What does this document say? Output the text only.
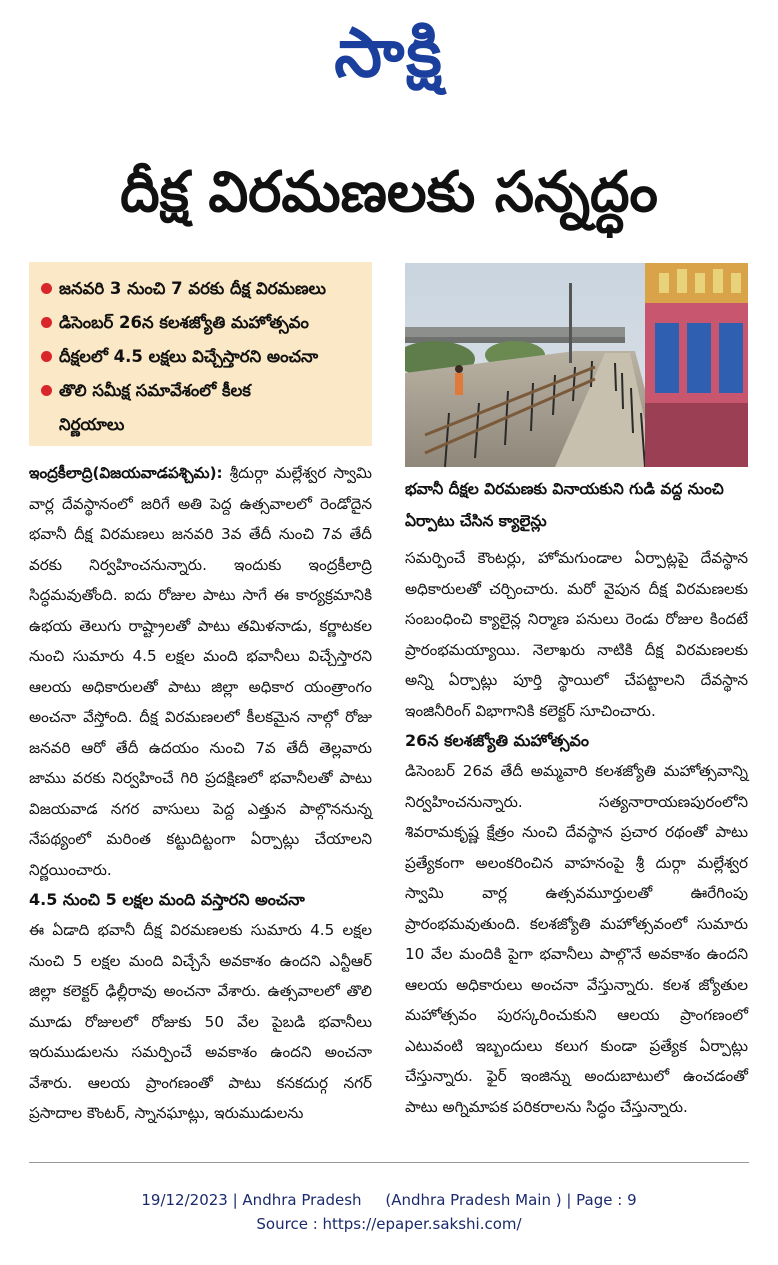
సాక్షి
దీక్ష విరమణలకు సన్నద్ధం
జనవరి 3 నుంచి 7 వరకు దీక్ష విరమణలు
డిసెంబర్ 26న కలశజ్యోతి మహోత్సవం
దీక్షలలో 4.5 లక్షలు విచ్చేస్తారని అంచనా
తొలి సమీక్ష సమావేశంలో కీలక నిర్ణయాలు
భవానీ దీక్షల విరమణకు వినాయకుని గుడి వద్ద నుంచి ఏర్పాటు చేసిన క్యాలైన్లు

ఇంద్రకీలాద్రి(విజయవాడపశ్చిమ): శ్రీదుర్గా మల్లేశ్వర స్వామి వార్ల దేవస్థానంలో జరిగే అతి పెద్ద ఉత్సవాలలో రెండోదైన భవానీ దీక్ష విరమణలు జనవరి 3వ తేదీ నుంచి 7వ తేదీ వరకు నిర్వహించనున్నారు. ఇందుకు ఇంద్రకీలాద్రి సిద్ధమవుతోంది. ఐదు రోజుల పాటు సాగే ఈ కార్యక్రమానికి ఉభయ తెలుగు రాష్ట్రాలతో పాటు తమిళనాడు, కర్ణాటకల నుంచి సుమారు 4.5 లక్షల మంది భవానీలు విచ్చేస్తారని ఆలయ అధికారులతో పాటు జిల్లా అధికార యంత్రాంగం అంచనా వేస్తోంది. దీక్ష విరమణలలో కీలకమైన నాల్గో రోజు జనవరి ఆరో తేదీ ఉదయం నుంచి 7వ తేదీ తెల్లవారు జాము వరకు నిర్వహించే గిరి ప్రదక్షిణలో భవానీలతో పాటు విజయవాడ నగర వాసులు పెద్ద ఎత్తున పాల్గొననున్న నేపథ్యంలో మరింత కట్టుదిట్టంగా ఏర్పాట్లు చేయాలని నిర్ణయించారు.

4.5 నుంచి 5 లక్షల మంది వస్తారని అంచనా

ఈ ఏడాది భవానీ దీక్ష విరమణలకు సుమారు 4.5 లక్షల నుంచి 5 లక్షల మంది విచ్చేసే అవకాశం ఉందని ఎన్టీఆర్ జిల్లా కలెక్టర్ ఢిల్లీరావు అంచనా వేశారు. ఉత్సవాలలో తొలి మూడు రోజులలో రోజుకు 50 వేల పైబడి భవానీలు ఇరుముడులను సమర్పించే అవకాశం ఉందని అంచనా వేశారు. ఆలయ ప్రాంగణంతో పాటు కనకదుర్గ నగర్ ప్రసాదాల కౌంటర్, స్నానఘాట్లు, ఇరుముడులను

సమర్పించే కౌంటర్లు, హోమగుండాల ఏర్పాట్లపై దేవస్థాన అధికారులతో చర్చించారు. మరో వైపున దీక్ష విరమణలకు సంబంధించి క్యాలైన్ల నిర్మాణ పనులు రెండు రోజుల కిందటే ప్రారంభమయ్యాయి. నెలాఖరు నాటికి దీక్ష విరమణలకు అన్ని ఏర్పాట్లు పూర్తి స్థాయిలో చేపట్టాలని దేవస్థాన ఇంజినీరింగ్ విభాగానికి కలెక్టర్ సూచించారు.

26న కలశజ్యోతి మహోత్సవం

డిసెంబర్ 26వ తేదీ అమ్మవారి కలశజ్యోతి మహోత్సవాన్ని నిర్వహించనున్నారు. సత్యనారాయణపురంలోని శివరామకృష్ణ క్షేత్రం నుంచి దేవస్థాన ప్రచార రథంతో పాటు ప్రత్యేకంగా అలంకరించిన వాహనంపై శ్రీ దుర్గా మల్లేశ్వర స్వామి వార్ల ఉత్సవమూర్తులతో ఊరేగింపు ప్రారంభమవుతుంది. కలశజ్యోతి మహోత్సవంలో సుమారు 10 వేల మందికి పైగా భవానీలు పాల్గొనే అవకాశం ఉందని ఆలయ అధికారులు అంచనా వేస్తున్నారు. కలశ జ్యోతుల మహోత్సవం పురస్కరించుకుని ఆలయ ప్రాంగణంలో ఎటువంటి ఇబ్బందులు కలుగ కుండా ప్రత్యేక ఏర్పాట్లు చేస్తున్నారు. ఫైర్ ఇంజిన్ను అందుబాటులో ఉంచడంతో పాటు అగ్నిమాపక పరికరాలను సిద్ధం చేస్తున్నారు.

19/12/2023 | Andhra Pradesh     (Andhra Pradesh Main ) | Page : 9
Source : https://epaper.sakshi.com/
